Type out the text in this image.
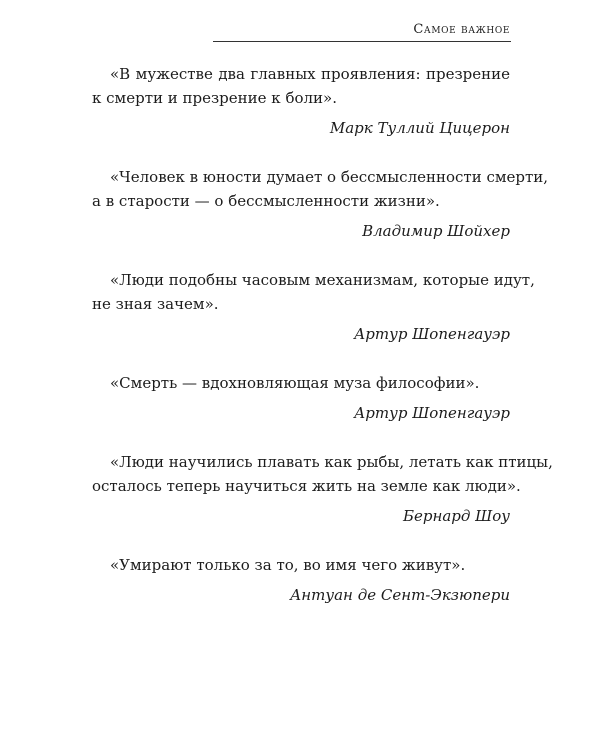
Самое важное
«В мужестве два главных проявления: презрение
к смерти и презрение к боли».
Марк Туллий Цицерон
«Человек в юности думает о бессмысленности смерти,
а в старости — о бессмысленности жизни».
Владимир Шойхер
«Люди подобны часовым механизмам, которые идут,
не зная зачем».
Артур Шопенгауэр
«Смерть — вдохновляющая муза философии».
Артур Шопенгауэр
«Люди научились плавать как рыбы, летать как птицы,
осталось теперь научиться жить на земле как люди».
Бернард Шоу
«Умирают только за то, во имя чего живут».
Антуан де Сент-Экзюпери
